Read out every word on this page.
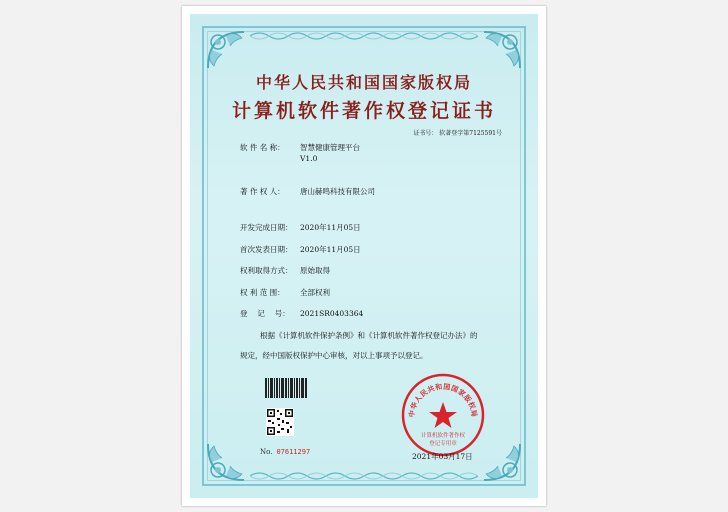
中华人民共和国国家版权局
计算机软件著作权登记证书
证书号： 软著登字第7125591号
软 件 名 称： 智慧健康管理平台
V1.0
著 作 权 人： 唐山赫鸣科技有限公司
开发完成日期： 2020年11月05日
首次发表日期： 2020年11月05日
权利取得方式： 原始取得
权 利 范 围： 全部权利
登　 记 　号： 2021SR0403364
根据《计算机软件保护条例》和《计算机软件著作权登记办法》的
规定，经中国版权保护中心审核，对以上事项予以登记。
No. 07611297
中华人民共和国国家版权局
计算机软件著作权
登记专用章
2021年03月17日
